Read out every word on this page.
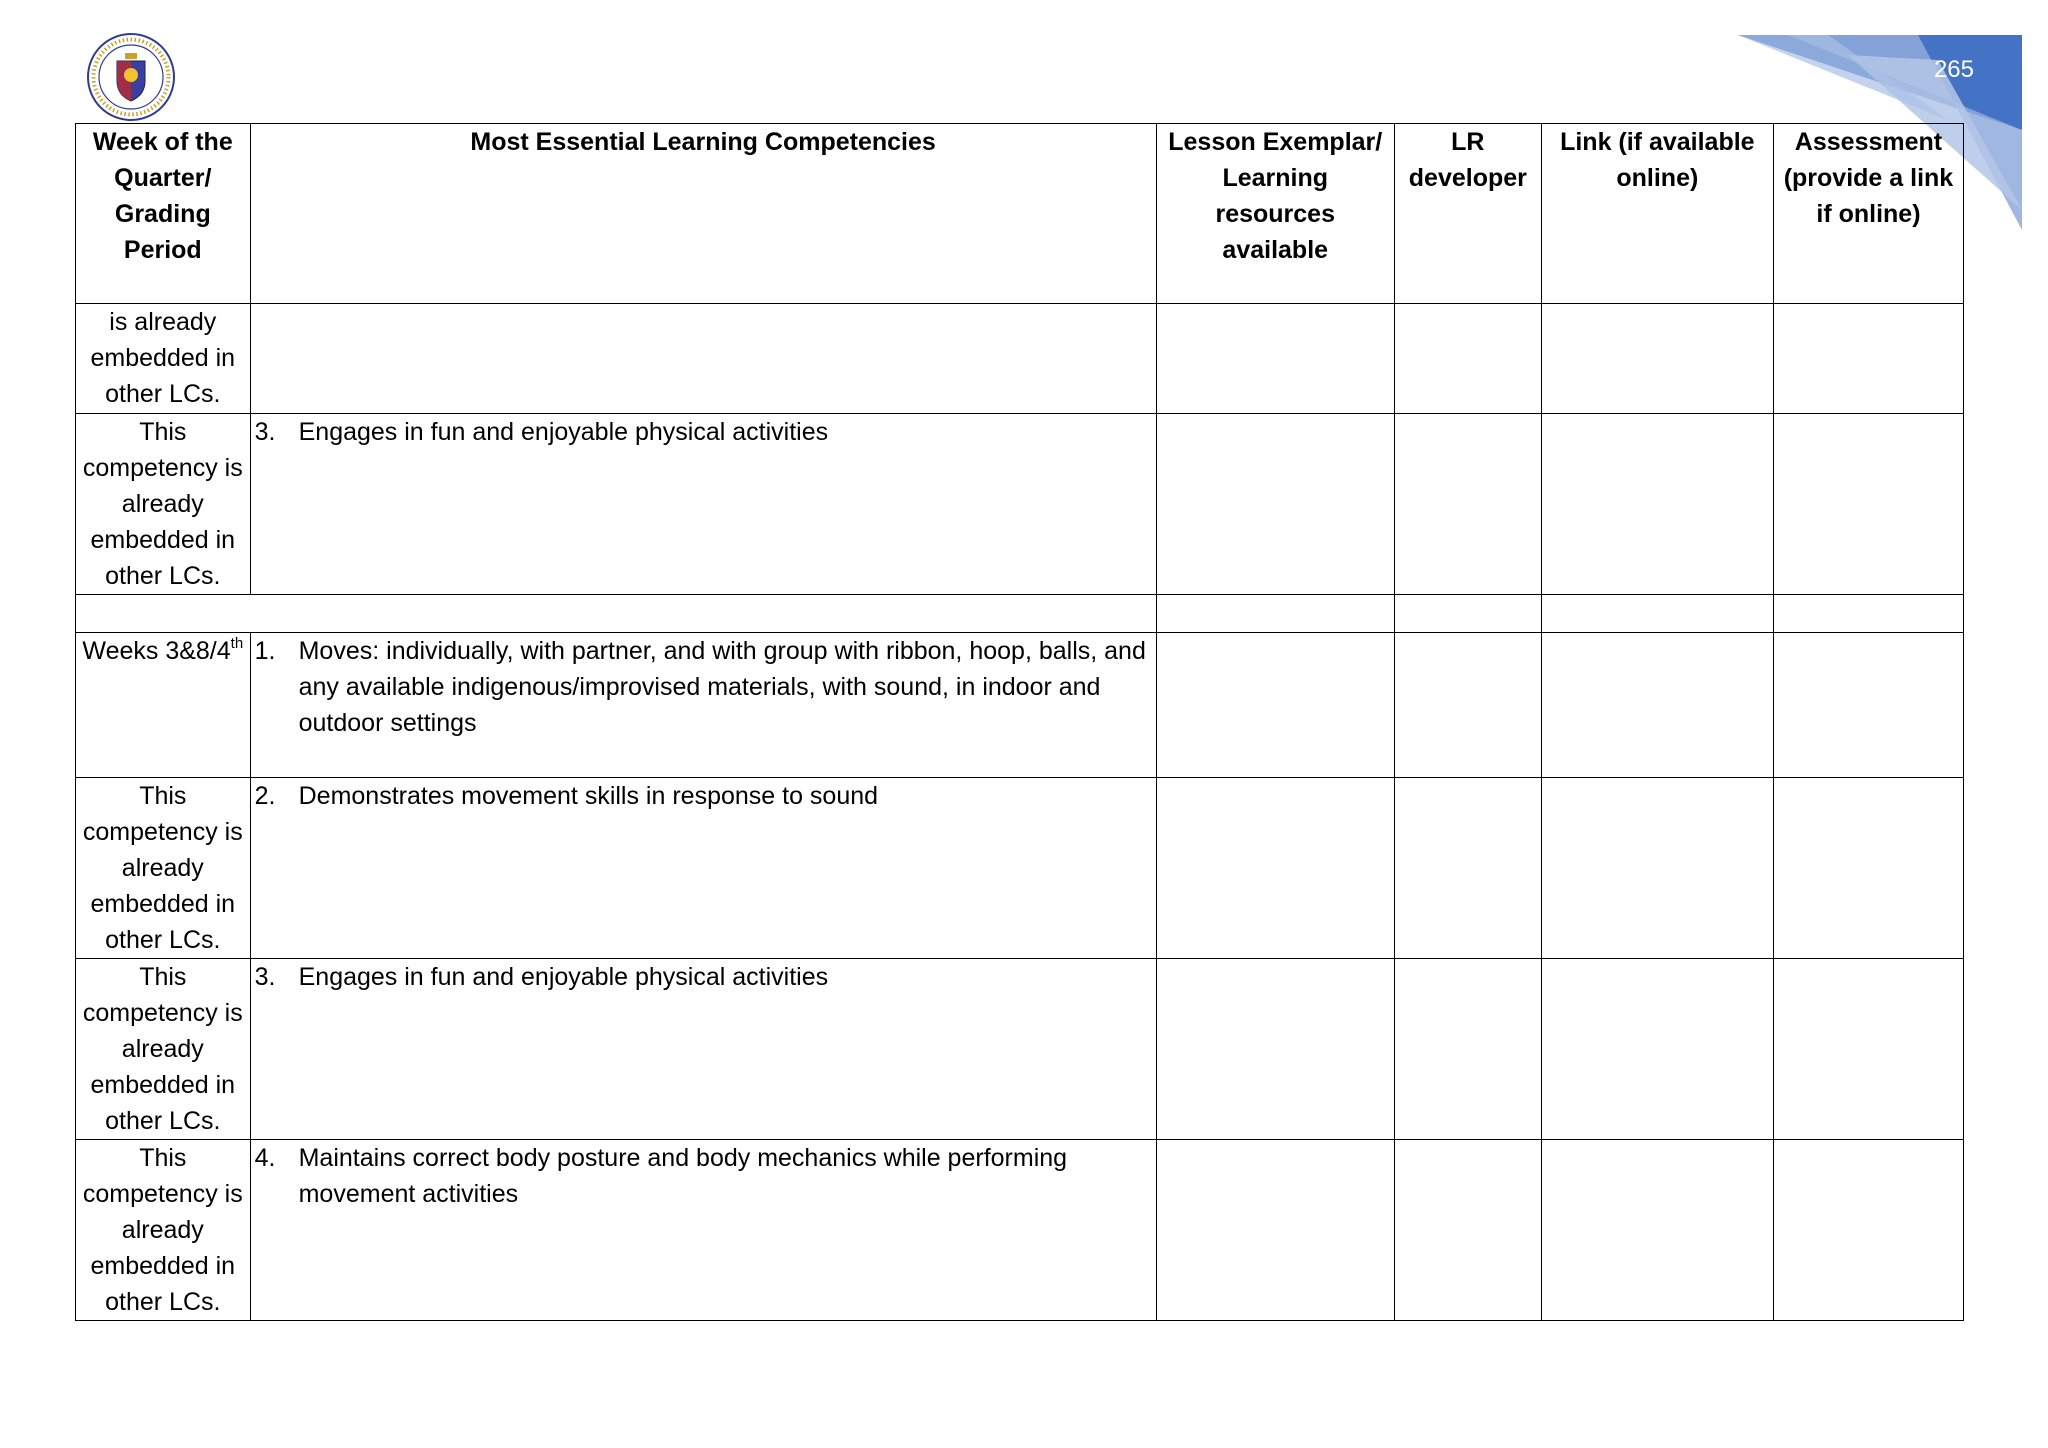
265
Week of the Quarter/ Grading Period	Most Essential Learning Competencies	Lesson Exemplar/ Learning resources available	LR developer	Link (if available online)	Assessment (provide a link if online)
is already embedded in other LCs.					
This competency is already embedded in other LCs.	3. Engages in fun and enjoyable physical activities				

Weeks 3&8/4th	1. Moves: individually, with partner, and with group with ribbon, hoop, balls, and any available indigenous/improvised materials, with sound, in indoor and outdoor settings				

This competency is already embedded in other LCs.	2. Demonstrates movement skills in response to sound				

This competency is already embedded in other LCs.	3. Engages in fun and enjoyable physical activities				

This competency is already embedded in other LCs.	4. Maintains correct body posture and body mechanics while performing movement activities				
